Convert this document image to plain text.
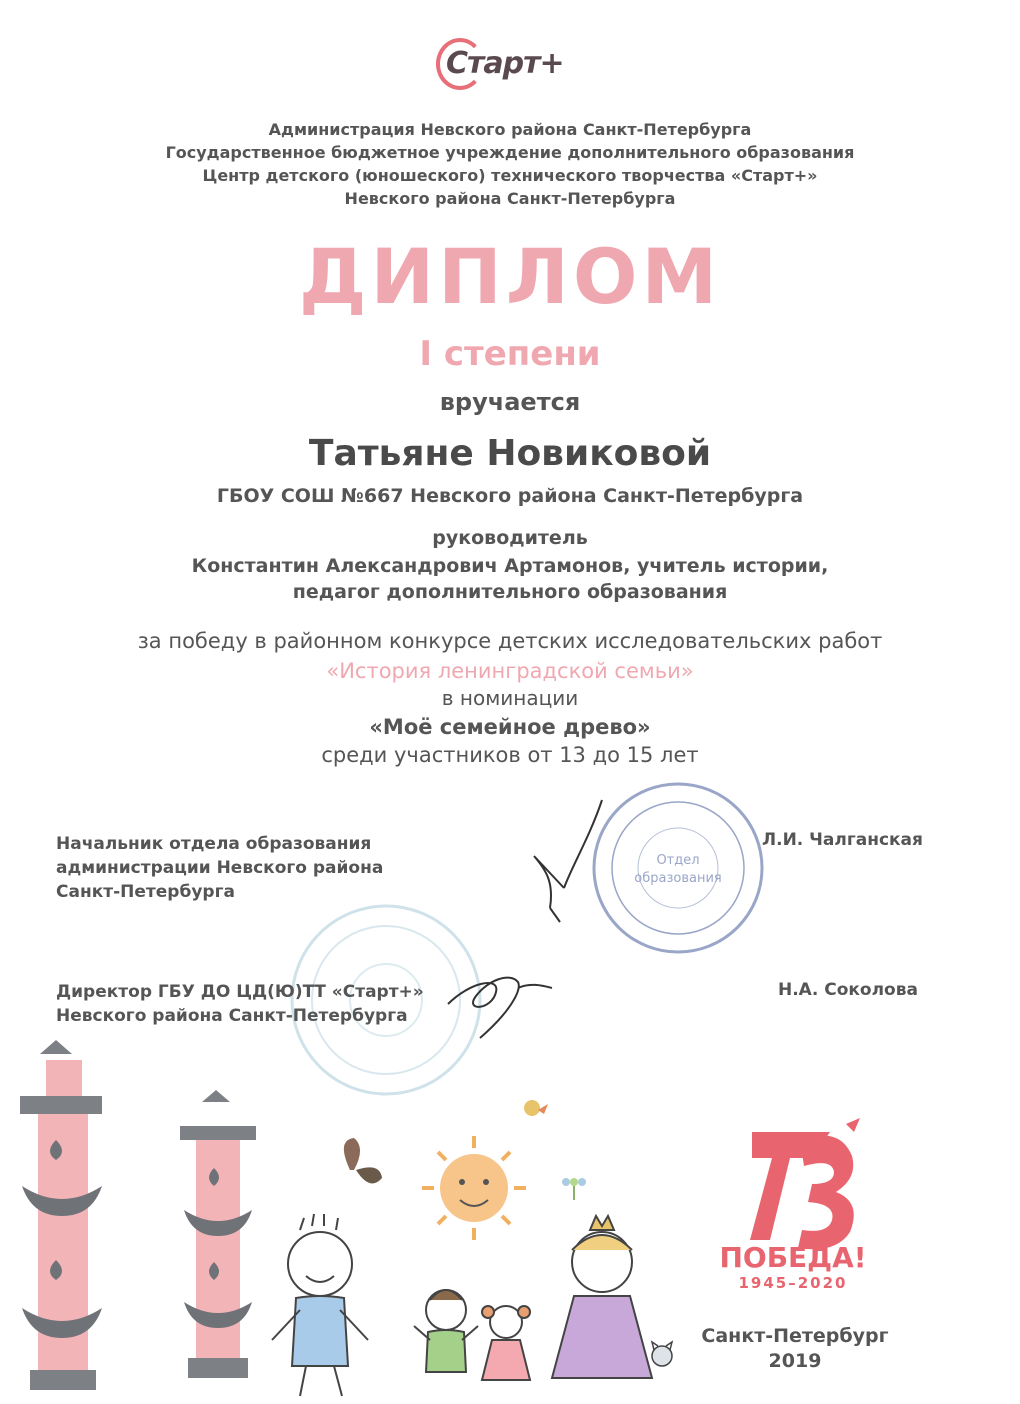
Старт+
Администрация Невского района Санкт-Петербурга
Государственное бюджетное учреждение дополнительного образования
Центр детского (юношеского) технического творчества «Старт+»
Невского района Санкт-Петербурга
ДИПЛОМ
I степени
вручается
Татьяне Новиковой
ГБОУ СОШ №667 Невского района Санкт-Петербурга
руководитель
Константин Александрович Артамонов, учитель истории,
педагог дополнительного образования
за победу в районном конкурсе детских исследовательских работ
«История ленинградской семьи»
в номинации
«Моё семейное древо»
среди участников от 13 до 15 лет
Отдел
образования
Начальник отдела образования
администрации Невского района
Санкт-Петербурга
Л.И. Чалганская
Директор ГБУ ДО ЦД(Ю)ТТ «Старт+»
Невского района Санкт-Петербурга
Н.А. Соколова
ПОБЕДА!
1945–2020
Санкт-Петербург
2019
